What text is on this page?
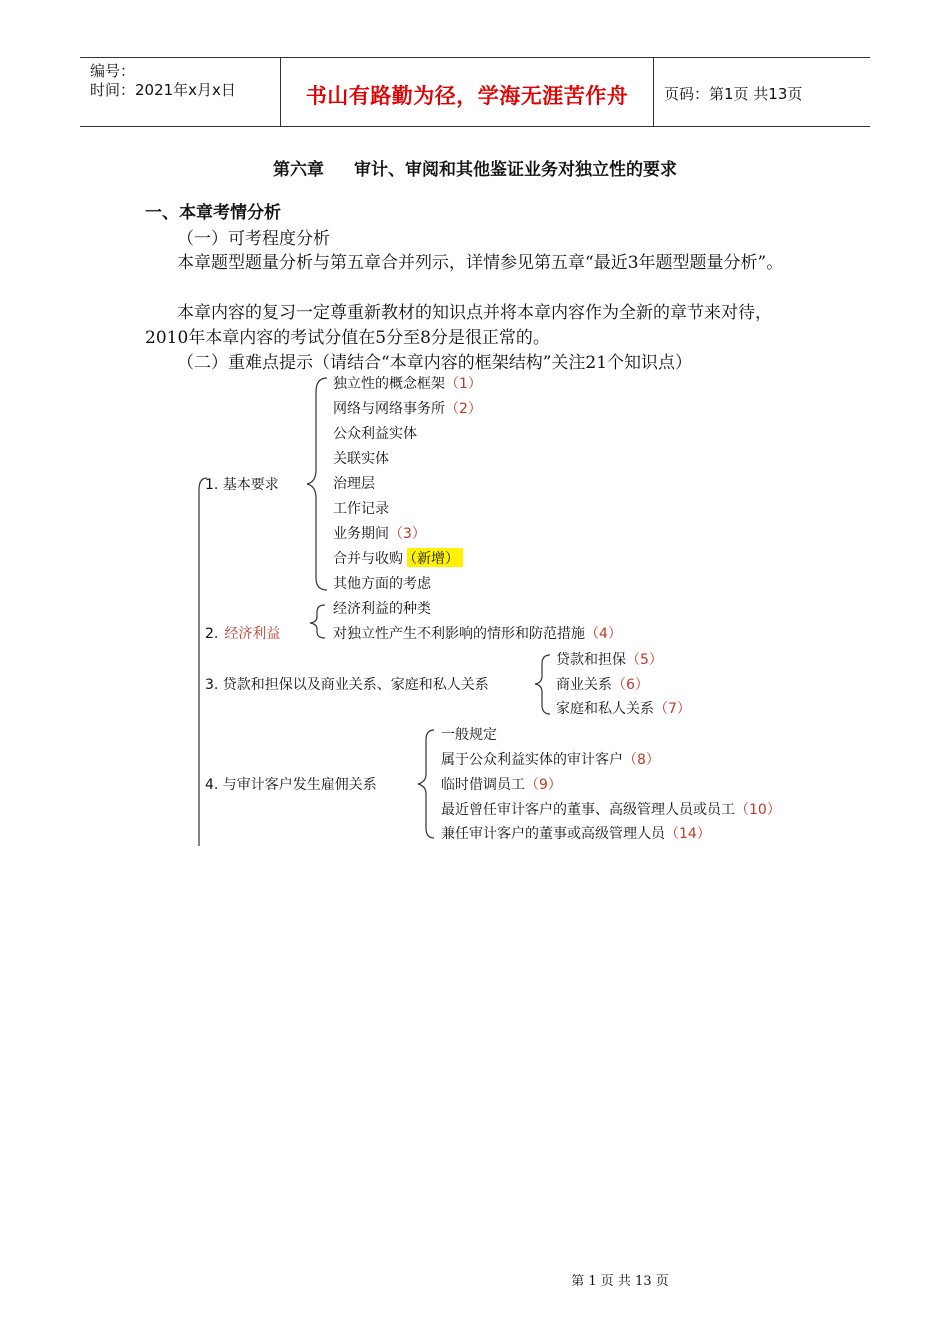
编号：
时间：2021年x月x日	书山有路勤为径，学海无涯苦作舟	页码：第1页 共13页
第六章 审计、审阅和其他鉴证业务对独立性的要求
一、本章考情分析
（一）可考程度分析

本章题型题量分析与第五章合并列示，详情参见第五章“最近3年题型题量分析”。

本章内容的复习一定尊重新教材的知识点并将本章内容作为全新的章节来对待，2010年本章内容的考试分值在5分至8分是很正常的。

（二）重难点提示（请结合“本章内容的框架结构”关注21个知识点）
1. 基本要求
2. 经济利益
3. 贷款和担保以及商业关系、家庭和私人关系
4. 与审计客户发生雇佣关系
独立性的概念框架（1）
网络与网络事务所（2）
公众利益实体
关联实体
治理层
工作记录
业务期间（3）
合并与收购（新增）
其他方面的考虑
经济利益的种类
对独立性产生不利影响的情形和防范措施（4）
贷款和担保（5）
商业关系（6）
家庭和私人关系（7）
一般规定
属于公众利益实体的审计客户（8）
临时借调员工（9）
最近曾任审计客户的董事、高级管理人员或员工（10）
兼任审计客户的董事或高级管理人员（14）
第 1 页 共 13 页
